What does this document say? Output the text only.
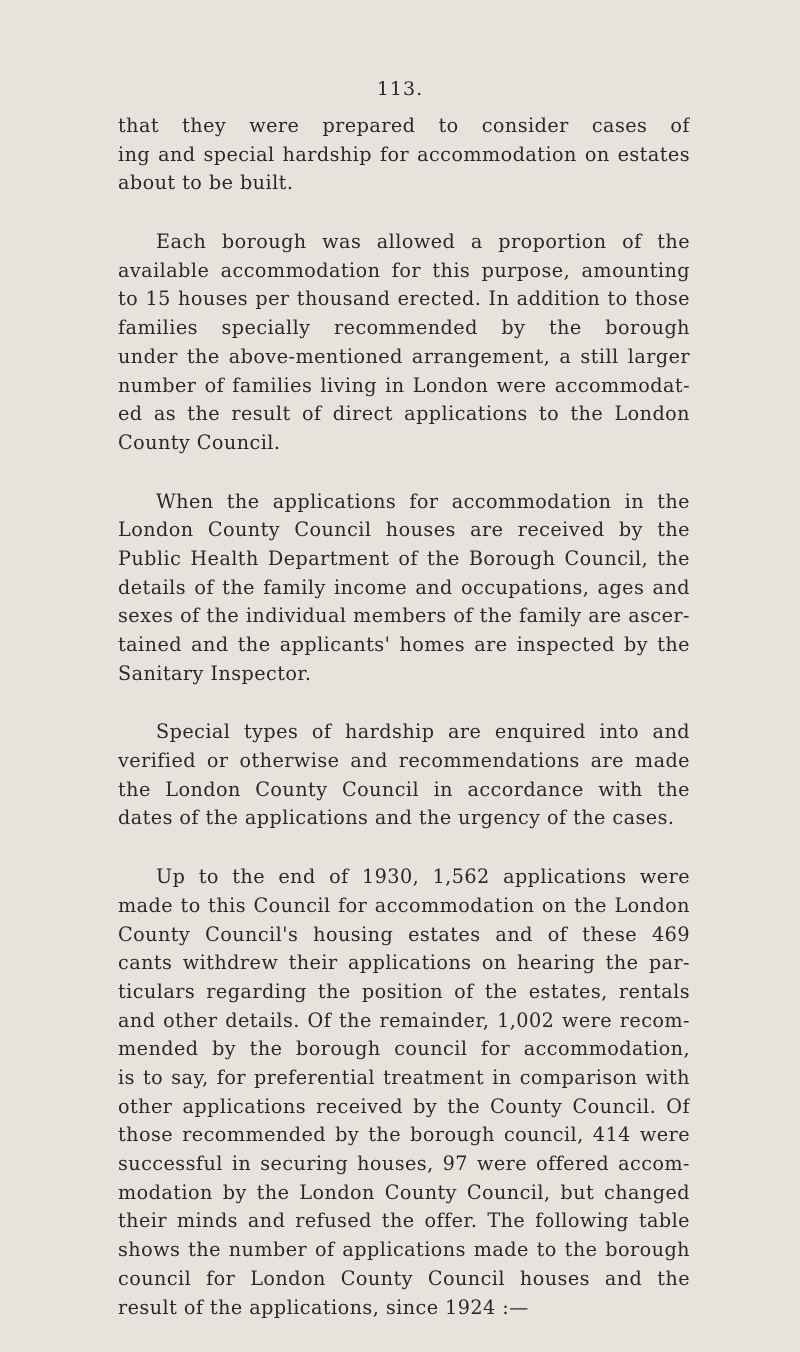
113.
that they were prepared to consider cases of
ing and special hardship for accommodation on estates
about to be built.
Each borough was allowed a proportion of the
available accommodation for this purpose, amounting
to 15 houses per thousand erected. In addition to those
families specially recommended by the borough
under the above-mentioned arrangement, a still larger
number of families living in London were accommodat-
ed as the result of direct applications to the London
County Council.
When the applications for accommodation in the
London County Council houses are received by the
Public Health Department of the Borough Council, the
details of the family income and occupations, ages and
sexes of the individual members of the family are ascer-
tained and the applicants' homes are inspected by the
Sanitary Inspector.
Special types of hardship are enquired into and
verified or otherwise and recommendations are made
the London County Council in accordance with the
dates of the applications and the urgency of the cases.
Up to the end of 1930, 1,562 applications were
made to this Council for accommodation on the London
County Council's housing estates and of these 469
cants withdrew their applications on hearing the par-
ticulars regarding the position of the estates, rentals
and other details. Of the remainder, 1,002 were recom-
mended by the borough council for accommodation,
is to say, for preferential treatment in comparison with
other applications received by the County Council. Of
those recommended by the borough council, 414 were
successful in securing houses, 97 were offered accom-
modation by the London County Council, but changed
their minds and refused the offer. The following table
shows the number of applications made to the borough
council for London County Council houses and the
result of the applications, since 1924 :—
